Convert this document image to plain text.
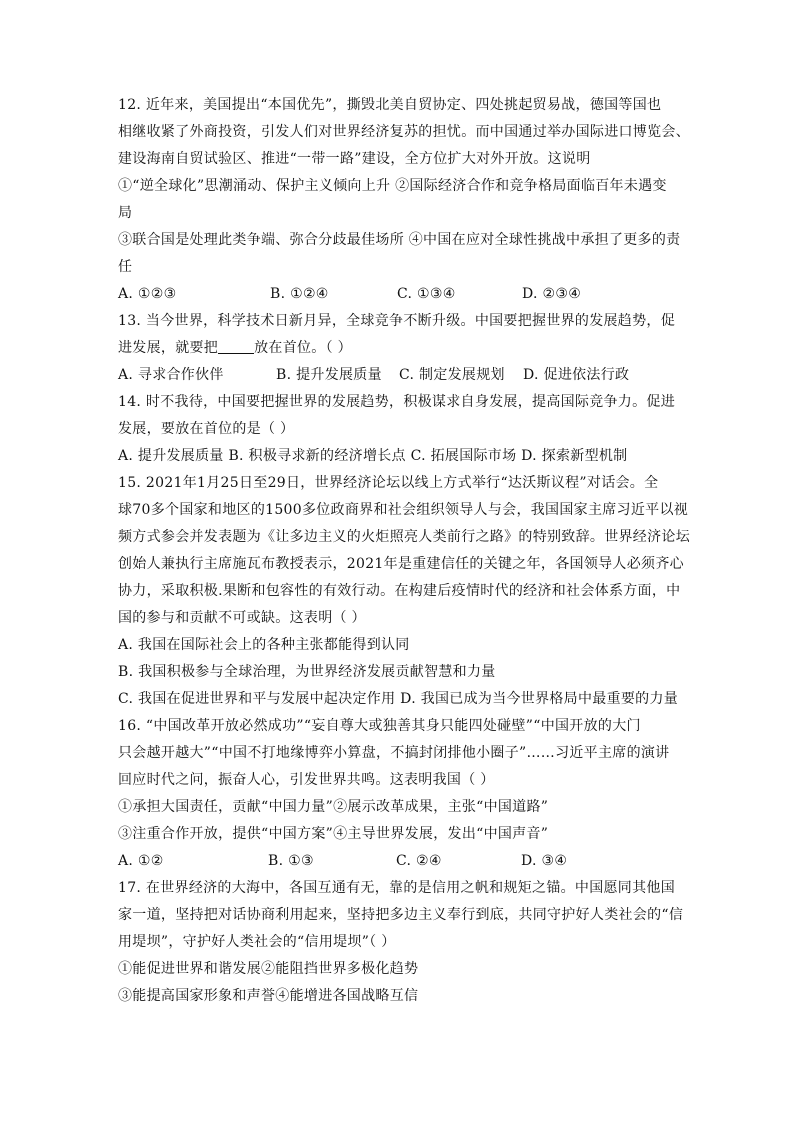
12. 近年来，美国提出“本国优先”，撕毁北美自贸协定、四处挑起贸易战，德国等国也

相继收紧了外商投资，引发人们对世界经济复苏的担忧。而中国通过举办国际进口博览会、

建设海南自贸试验区、推进“一带一路”建设，全方位扩大对外开放。这说明

①“逆全球化”思潮涌动、保护主义倾向上升 ②国际经济合作和竞争格局面临百年未遇变

局

③联合国是处理此类争端、弥合分歧最佳场所 ④中国在应对全球性挑战中承担了更多的责

任

A. ①②③	B. ①②④	C. ①③④	D. ②③④

13. 当今世界，科学技术日新月异，全球竞争不断升级。中国要把握世界的发展趋势，促

进发展，就要把	放在首位。（ ）

A. 寻求合作伙伴	B. 提升发展质量	C. 制定发展规划	D. 促进依法行政

14. 时不我待，中国要把握世界的发展趋势，积极谋求自身发展，提高国际竞争力。促进

发展，要放在首位的是（ ）

A. 提升发展质量 B. 积极寻求新的经济增长点 C. 拓展国际市场 D. 探索新型机制

15. 2021年1月25日至29日，世界经济论坛以线上方式举行“达沃斯议程”对话会。全

球70多个国家和地区的1500多位政商界和社会组织领导人与会，我国国家主席习近平以视

频方式参会并发表题为《让多边主义的火炬照亮人类前行之路》的特别致辞。世界经济论坛

创始人兼执行主席施瓦布教授表示，2021年是重建信任的关键之年，各国领导人必须齐心

协力，采取积极.果断和包容性的有效行动。在构建后疫情时代的经济和社会体系方面，中

国的参与和贡献不可或缺。这表明（ ）

A. 我国在国际社会上的各种主张都能得到认同

B. 我国积极参与全球治理，为世界经济发展贡献智慧和力量

C. 我国在促进世界和平与发展中起决定作用 D. 我国已成为当今世界格局中最重要的力量

16. “中国改革开放必然成功”“妄自尊大或独善其身只能四处碰壁”“中国开放的大门

只会越开越大”“中国不打地缘博弈小算盘，不搞封闭排他小圈子”……习近平主席的演讲

回应时代之问，振奋人心，引发世界共鸣。这表明我国（ ）

①承担大国责任，贡献“中国力量”②展示改革成果，主张“中国道路”

③注重合作开放，提供“中国方案”④主导世界发展，发出“中国声音”

A. ①②	B. ①③	C. ②④	D. ③④

17. 在世界经济的大海中，各国互通有无，靠的是信用之帆和规矩之锚。中国愿同其他国

家一道，坚持把对话协商利用起来，坚持把多边主义奉行到底，共同守护好人类社会的“信

用堤坝”，守护好人类社会的“信用堤坝”（ ）

①能促进世界和谐发展②能阻挡世界多极化趋势

③能提高国家形象和声誉④能增进各国战略互信
